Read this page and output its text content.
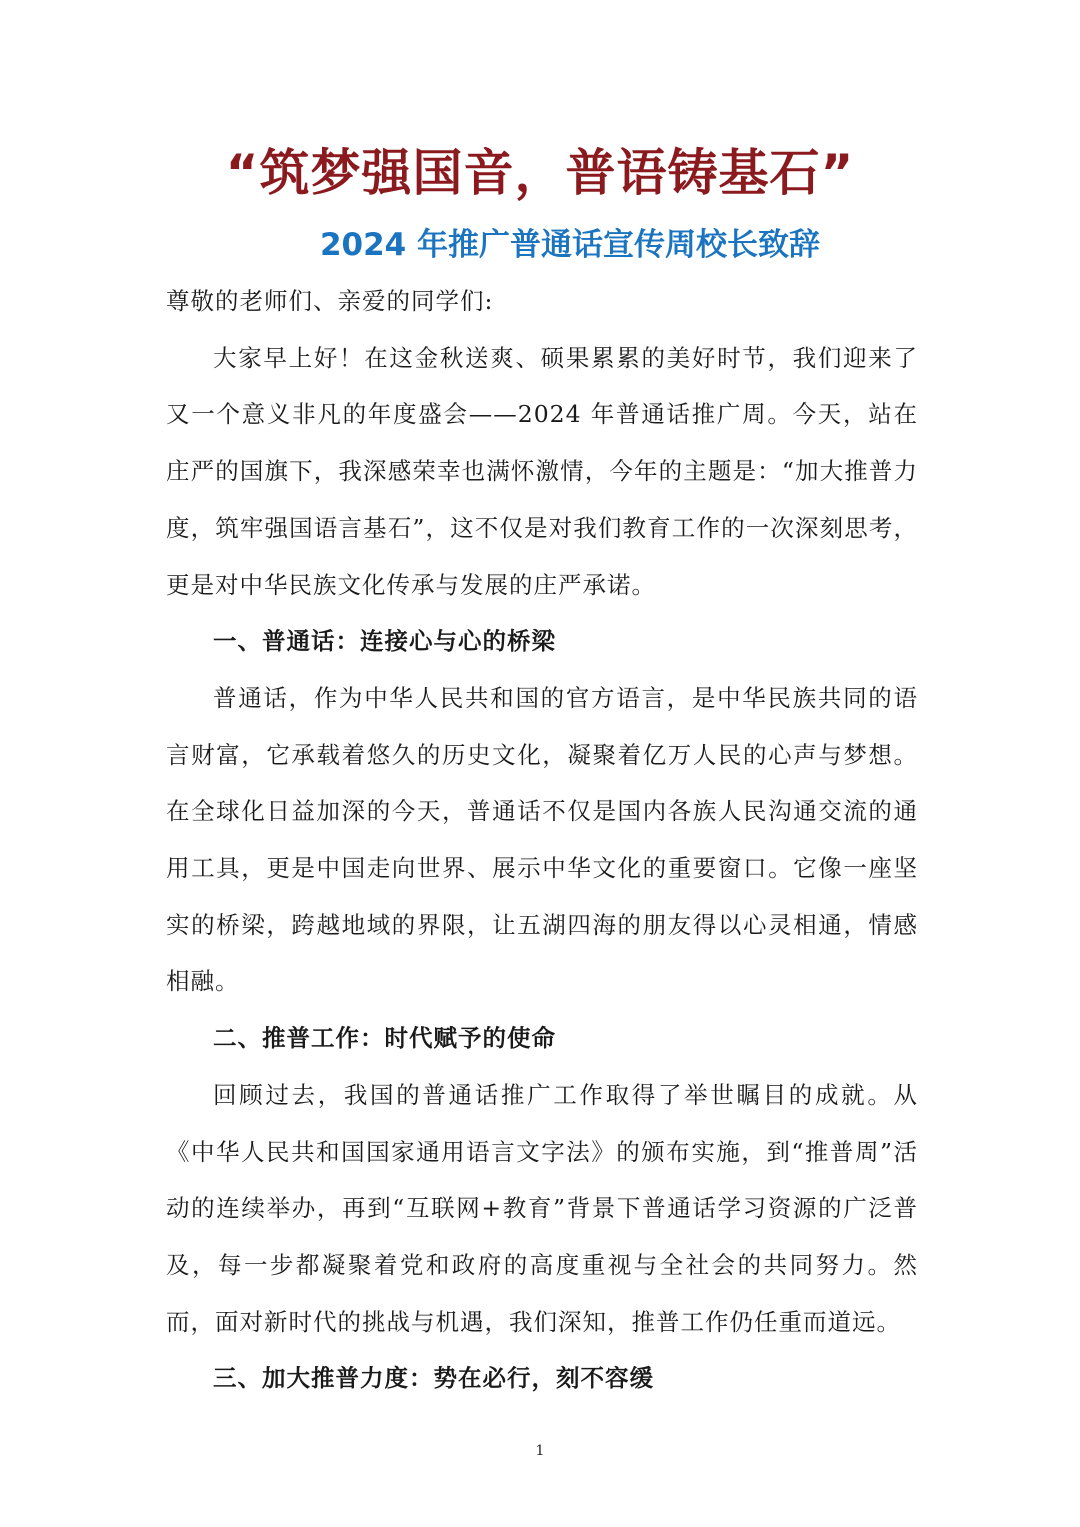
“筑梦强国音，普语铸基石”
2024 年推广普通话宣传周校长致辞

尊敬的老师们、亲爱的同学们:

大家早上好！在这金秋送爽、硕果累累的美好时节，我们迎来了又一个意义非凡的年度盛会——2024 年普通话推广周。今天，站在庄严的国旗下，我深感荣幸也满怀激情，今年的主题是：“加大推普力度，筑牢强国语言基石”，这不仅是对我们教育工作的一次深刻思考，更是对中华民族文化传承与发展的庄严承诺。

一、普通话：连接心与心的桥梁

普通话，作为中华人民共和国的官方语言，是中华民族共同的语言财富，它承载着悠久的历史文化，凝聚着亿万人民的心声与梦想。在全球化日益加深的今天，普通话不仅是国内各族人民沟通交流的通用工具，更是中国走向世界、展示中华文化的重要窗口。它像一座坚实的桥梁，跨越地域的界限，让五湖四海的朋友得以心灵相通，情感相融。

二、推普工作：时代赋予的使命

回顾过去，我国的普通话推广工作取得了举世瞩目的成就。从《中华人民共和国国家通用语言文字法》的颁布实施，到“推普周”活动的连续举办，再到“互联网+教育”背景下普通话学习资源的广泛普及，每一步都凝聚着党和政府的高度重视与全社会的共同努力。然而，面对新时代的挑战与机遇，我们深知，推普工作仍任重而道远。

三、加大推普力度：势在必行，刻不容缓

1
